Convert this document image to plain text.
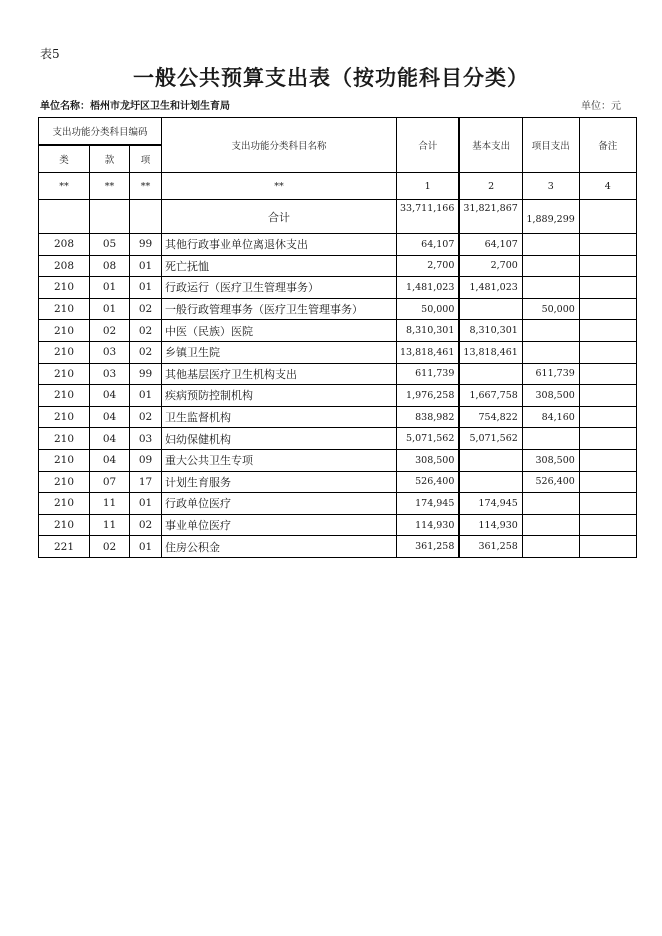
表5
一般公共预算支出表（按功能科目分类）
单位名称：梧州市龙圩区卫生和计划生育局	单位：元
支出功能分类科目编码			支出功能分类科目名称	合计	基本支出	项目支出	备注
类	款	项					
**	**	**	**	1	2	3	4
			合计	33,711,166	31,821,867	1,889,299	
208	05	99	其他行政事业单位离退休支出	64,107	64,107		
208	08	01	死亡抚恤	2,700	2,700		
210	01	01	行政运行（医疗卫生管理事务）	1,481,023	1,481,023		
210	01	02	一般行政管理事务（医疗卫生管理事务）	50,000		50,000	
210	02	02	中医（民族）医院	8,310,301	8,310,301		
210	03	02	乡镇卫生院	13,818,461	13,818,461		
210	03	99	其他基层医疗卫生机构支出	611,739		611,739	
210	04	01	疾病预防控制机构	1,976,258	1,667,758	308,500	
210	04	02	卫生监督机构	838,982	754,822	84,160	
210	04	03	妇幼保健机构	5,071,562	5,071,562		
210	04	09	重大公共卫生专项	308,500		308,500	
210	07	17	计划生育服务	526,400		526,400	
210	11	01	行政单位医疗	174,945	174,945		
210	11	02	事业单位医疗	114,930	114,930		
221	02	01	住房公积金	361,258	361,258		
